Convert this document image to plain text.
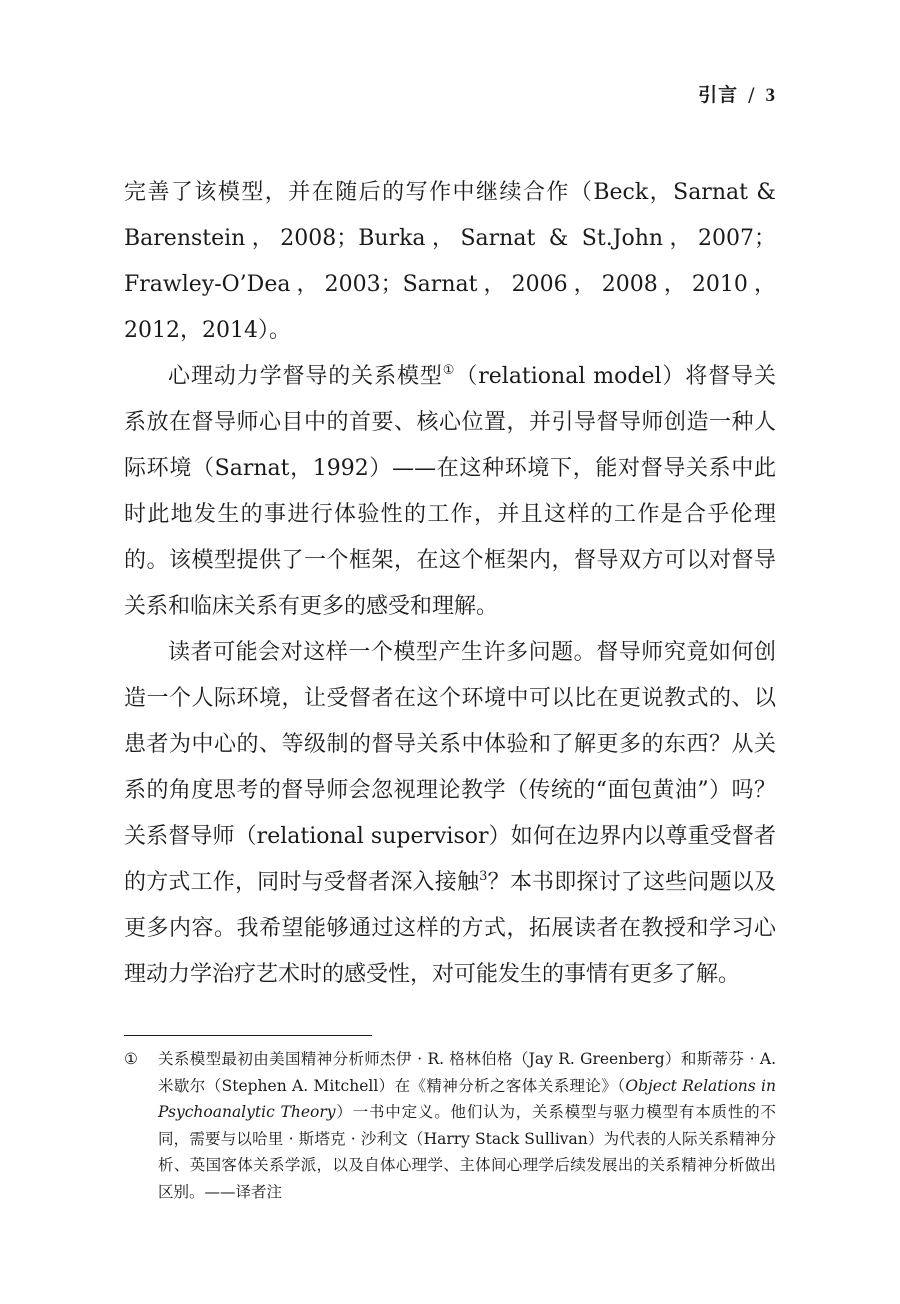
引言 / 3

完善了该模型，并在随后的写作中继续合作（Beck，Sarnat & Barenstein，2008；Burka，Sarnat & St.John，2007；Frawley-O’Dea，2003；Sarnat，2006，2008，2010，2012，2014）。

心理动力学督导的关系模型①（relational model）将督导关系放在督导师心目中的首要、核心位置，并引导督导师创造一种人际环境（Sarnat，1992）——在这种环境下，能对督导关系中此时此地发生的事进行体验性的工作，并且这样的工作是合乎伦理的。该模型提供了一个框架，在这个框架内，督导双方可以对督导关系和临床关系有更多的感受和理解。

读者可能会对这样一个模型产生许多问题。督导师究竟如何创造一个人际环境，让受督者在这个环境中可以比在更说教式的、以患者为中心的、等级制的督导关系中体验和了解更多的东西？从关系的角度思考的督导师会忽视理论教学（传统的“面包黄油”）吗？关系督导师（relational supervisor）如何在边界内以尊重受督者的方式工作，同时与受督者深入接触$^3$？本书即探讨了这些问题以及更多内容。我希望能够通过这样的方式，拓展读者在教授和学习心理动力学治疗艺术时的感受性，对可能发生的事情有更多了解。

① 关系模型最初由美国精神分析师杰伊 · R. 格林伯格（Jay R. Greenberg）和斯蒂芬 · A. 米歇尔（Stephen A. Mitchell）在《精神分析之客体关系理论》（Object Relations in Psychoanalytic Theory）一书中定义。他们认为，关系模型与驱力模型有本质性的不同，需要与以哈里 · 斯塔克 · 沙利文（Harry Stack Sullivan）为代表的人际关系精神分析、英国客体关系学派，以及自体心理学、主体间心理学后续发展出的关系精神分析做出区别。——译者注
